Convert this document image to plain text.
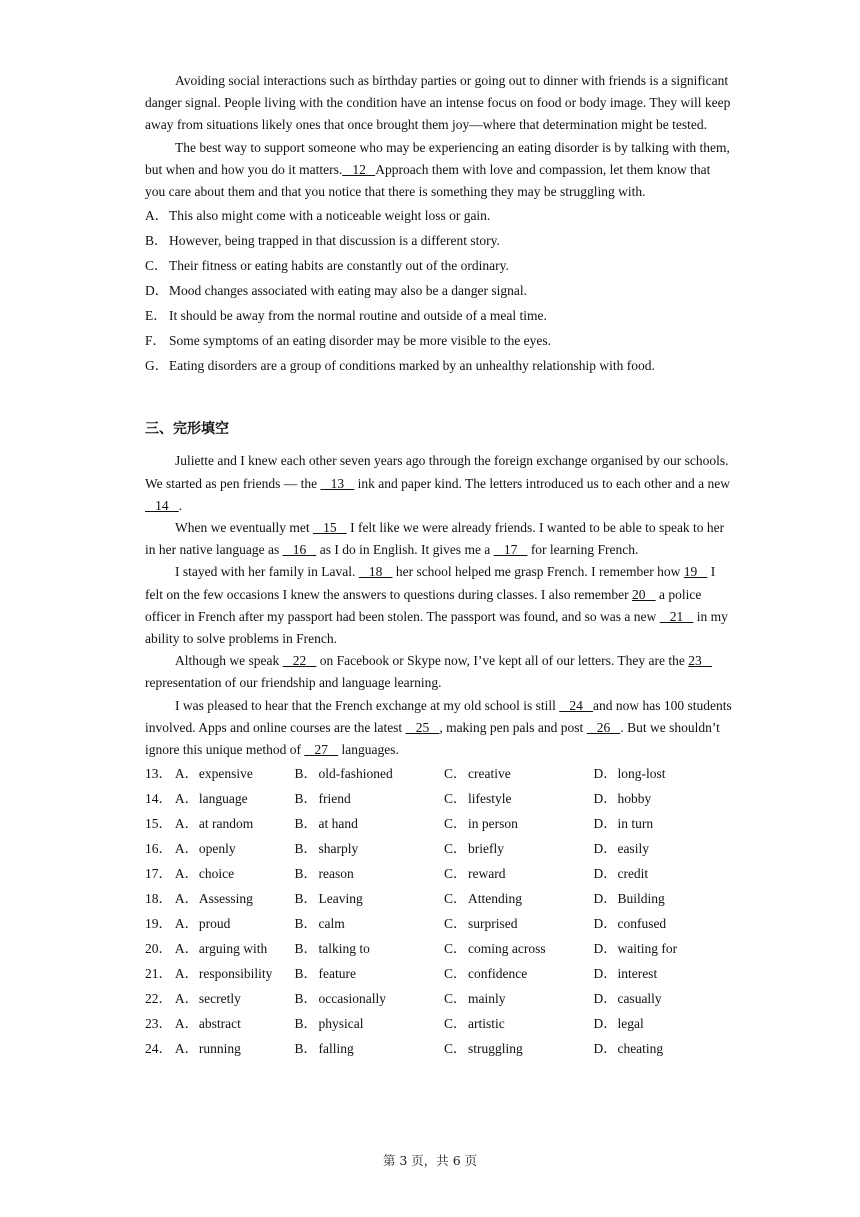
Avoiding social interactions such as birthday parties or going out to dinner with friends is a significant danger signal. People living with the condition have an intense focus on food or body image. They will keep away from situations likely ones that once brought them joy—where that determination might be tested.

The best way to support someone who may be experiencing an eating disorder is by talking with them, but when and how you do it matters.   12   Approach them with love and compassion, let them know that you care about them and that you notice that there is something they may be struggling with.

A．This also might come with a noticeable weight loss or gain.

B．However, being trapped in that discussion is a different story.

C．Their fitness or eating habits are constantly out of the ordinary.

D．Mood changes associated with eating may also be a danger signal.

E． It should be away from the normal routine and outside of a meal time.

F． Some symptoms of an eating disorder may be more visible to the eyes.

G．Eating disorders are a group of conditions marked by an unhealthy relationship with food.

三、完形填空

Juliette and I knew each other seven years ago through the foreign exchange organised by our schools. We started as pen friends — the    13    ink and paper kind. The letters introduced us to each other and a new    14   .

When we eventually met    15    I felt like we were already friends. I wanted to be able to speak to her in her native language as    16    as I do in English. It gives me a    17    for learning French.

I stayed with her family in Laval.    18    her school helped me grasp French. I remember how 19    I felt on the few occasions I knew the answers to questions during classes. I also remember 20    a police officer in French after my passport had been stolen. The passport was found, and so was a new    21    in my ability to solve problems in French.

Although we speak    22    on Facebook or Skype now, I’ve kept all of our letters. They are the 23    representation of our friendship and language learning.

I was pleased to hear that the French exchange at my old school is still    24   and now has 100 students involved. Apps and online courses are the latest    25   , making pen pals and post    26   . But we shouldn’t ignore this unique method of    27    languages.

13． A． expensive	B． old-fashioned	C． creative	D． long-lost
14． A． language	B． friend	C． lifestyle	D． hobby
15． A． at random	B． at hand	C． in person	D． in turn
16． A． openly	B． sharply	C． briefly	D． easily
17． A． choice	B． reason	C． reward	D． credit
18． A． Assessing	B． Leaving	C． Attending	D． Building
19． A． proud	B． calm	C． surprised	D． confused
20． A． arguing with B． talking to	C． coming across	D． waiting for
21． A． responsibility B． feature	C． confidence	D． interest
22． A． secretly	B． occasionally	C． mainly	D． casually
23． A． abstract	B． physical	C． artistic	D． legal
24． A． running	B． falling	C． struggling	D． cheating
第 3 页，共 6 页
